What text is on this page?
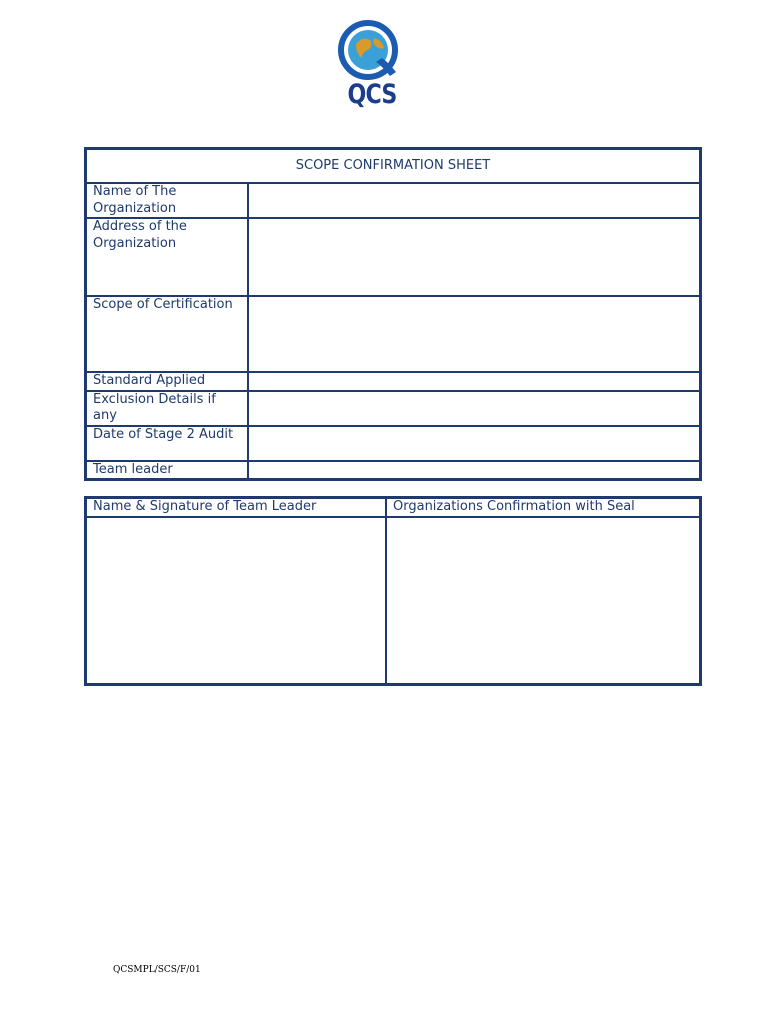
QCS
SCOPE CONFIRMATION SHEET	
Name of The Organization	
Address of the Organization	
Scope of Certification	
Standard Applied	
Exclusion Details if any	
Date of Stage 2 Audit	
Team leader	
Name & Signature of Team Leader	Organizations Confirmation with Seal

QCSMPL/SCS/F/01
